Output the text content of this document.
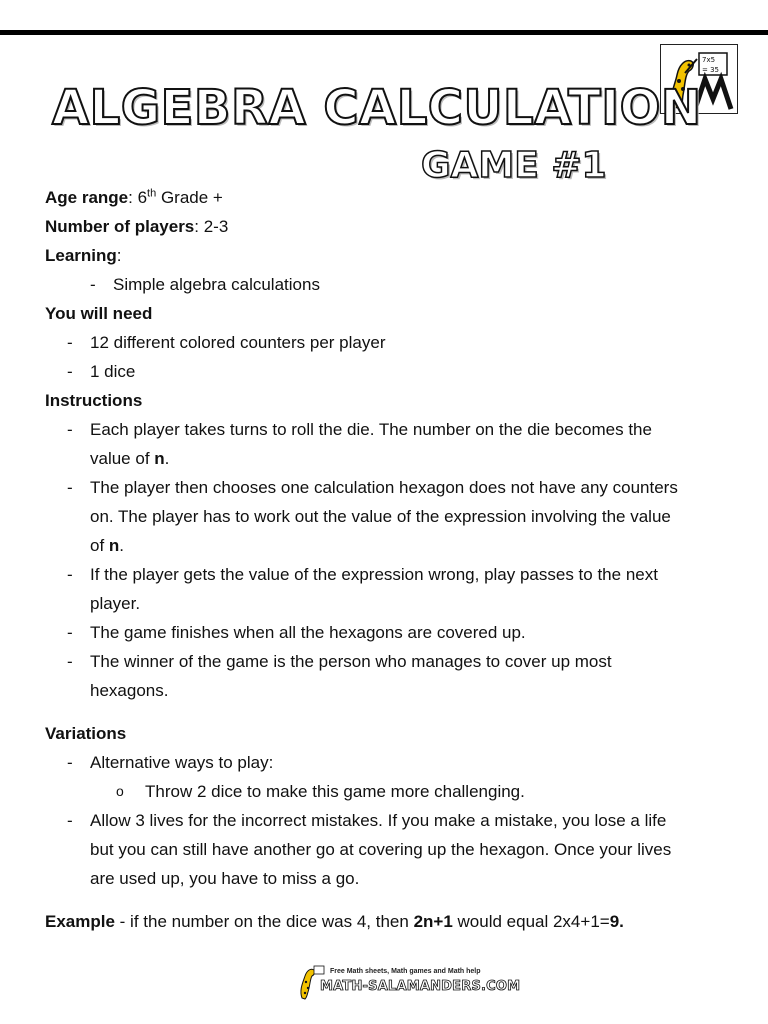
7x5
= 35
ALGEBRA CALCULATION
GAME #1

Age range: 6th Grade +

Number of players: 2-3

Learning:

- Simple algebra calculations

You will need

- 12 different colored counters per player

- 1 dice

Instructions

- Each player takes turns to roll the die. The number on the die becomes the
value of n.
- The player then chooses one calculation hexagon does not have any counters
on. The player has to work out the value of the expression involving the value
of n.
- If the player gets the value of the expression wrong, play passes to the next
player.
- The game finishes when all the hexagons are covered up.
- The winner of the game is the person who manages to cover up most
hexagons.

Variations

- Alternative ways to play:

o Throw 2 dice to make this game more challenging.

- Allow 3 lives for the incorrect mistakes. If you make a mistake, you lose a life
but you can still have another go at covering up the hexagon. Once your lives
are used up, you have to miss a go.

Example - if the number on the dice was 4, then 2n+1 would equal 2x4+1=9.

Free Math sheets, Math games and Math help
MATH-SALAMANDERS.COM
